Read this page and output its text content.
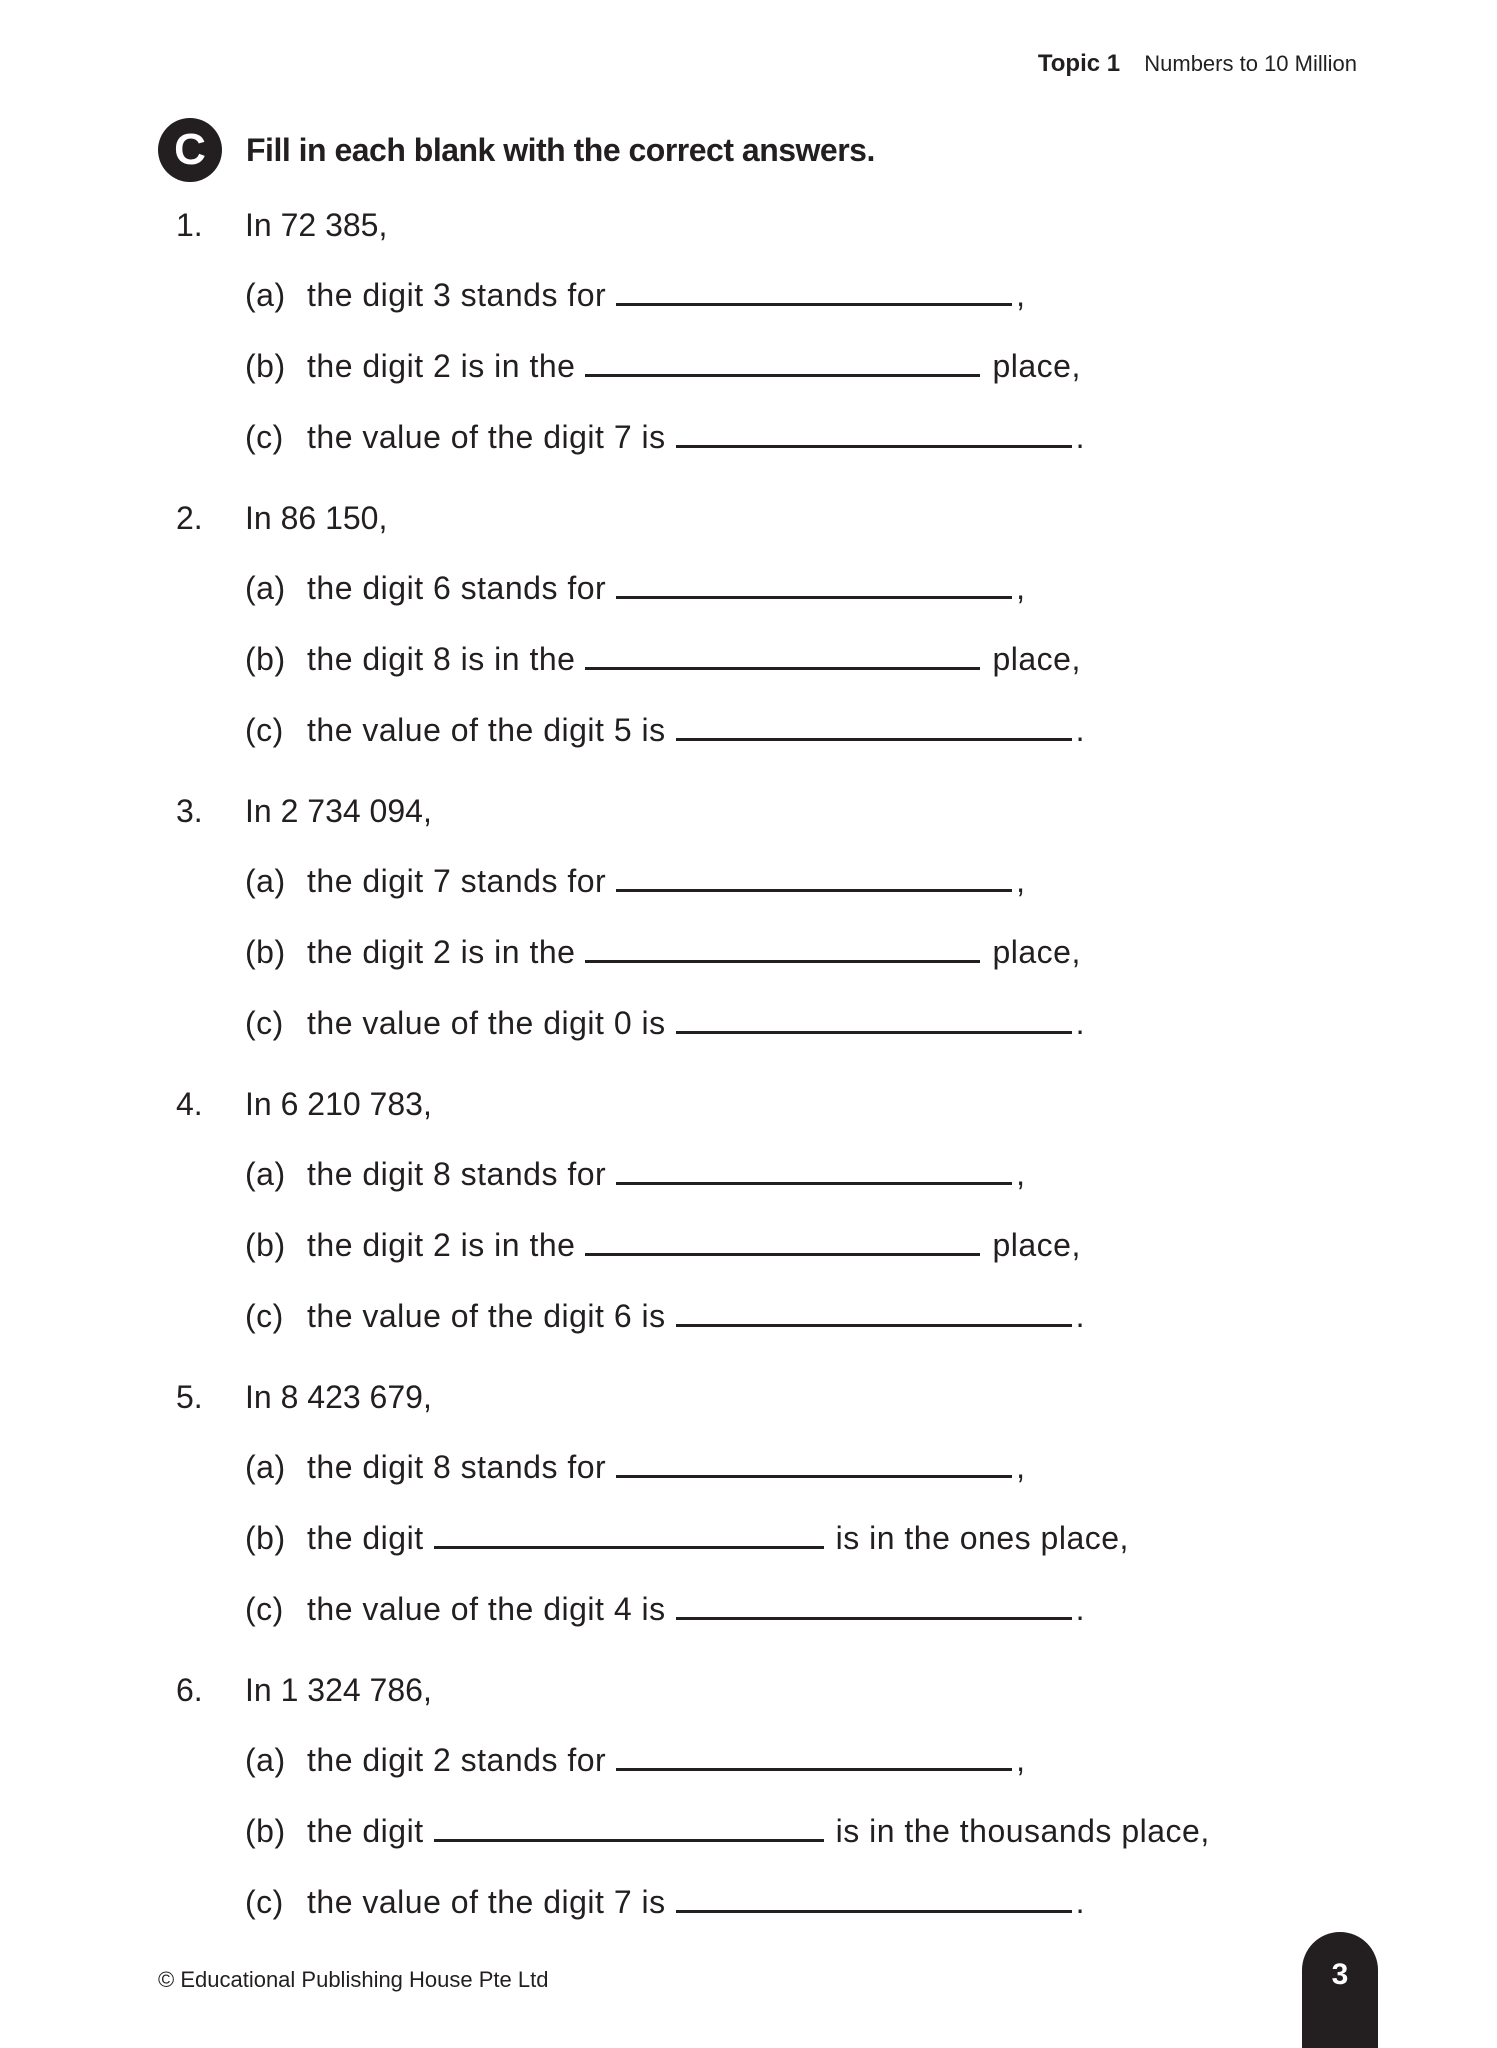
Topic 1 Numbers to 10 Million
C	Fill in each blank with the correct answers.
1. In 72 385,
(a) the digit 3 stands for	,
(b) the digit 2 is in the	place,
(c) the value of the digit 7 is	.
2. In 86 150,
(a) the digit 6 stands for	,
(b) the digit 8 is in the	place,
(c) the value of the digit 5 is	.
3. In 2 734 094,
(a) the digit 7 stands for	,
(b) the digit 2 is in the	place,
(c) the value of the digit 0 is	.
4. In 6 210 783,
(a) the digit 8 stands for	,
(b) the digit 2 is in the	place,
(c) the value of the digit 6 is	.
5. In 8 423 679,
(a) the digit 8 stands for	,
(b) the digit	is in the ones place,
(c) the value of the digit 4 is	.
6. In 1 324 786,
(a) the digit 2 stands for	,
(b) the digit	is in the thousands place,
(c) the value of the digit 7 is	.
© Educational Publishing House Pte Ltd	3
